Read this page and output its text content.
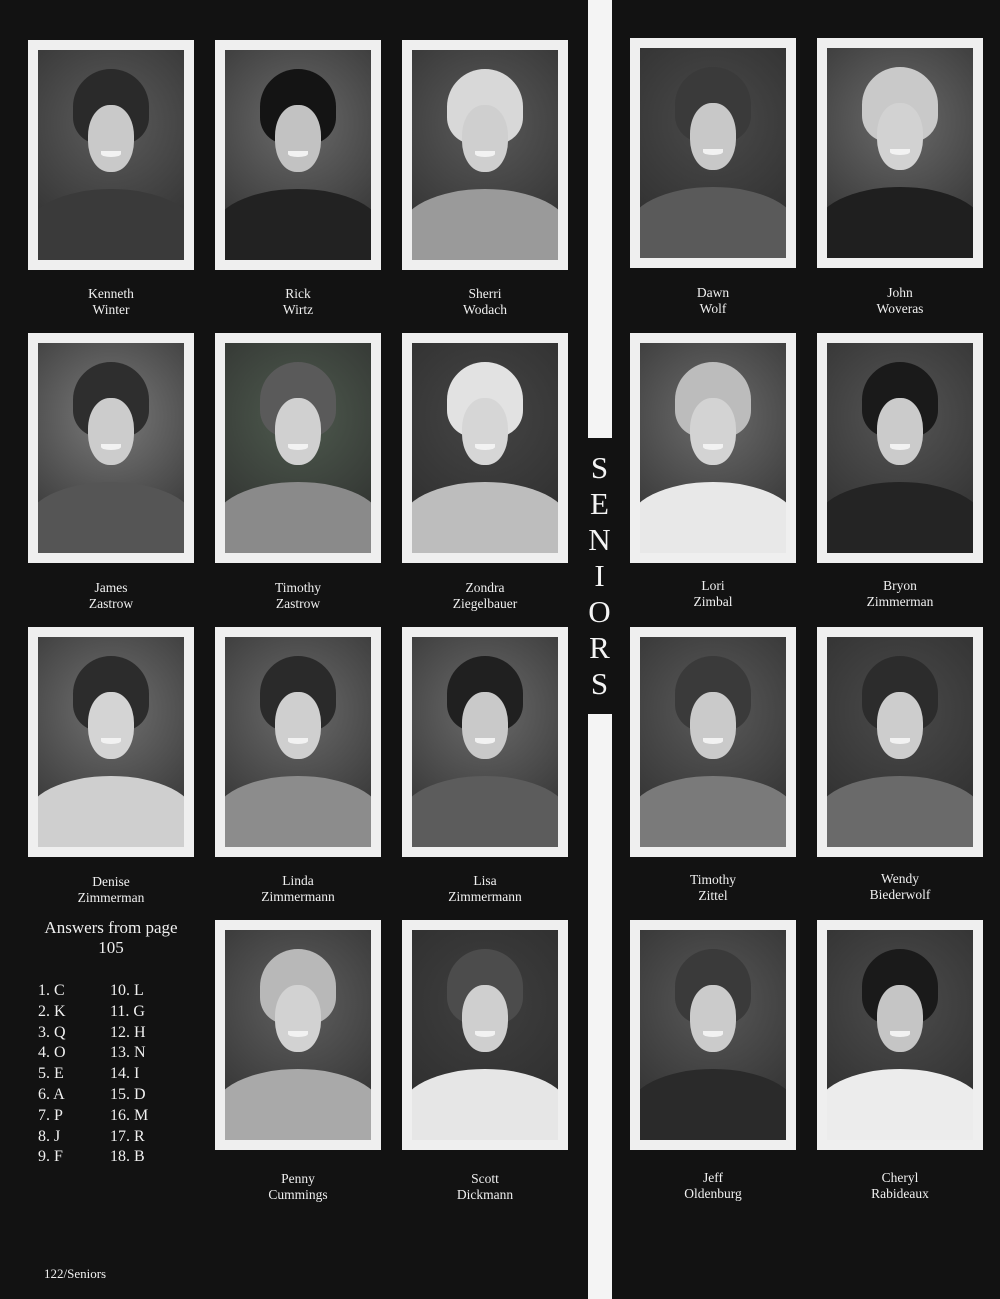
S
E
N
I
O
R
S
Kenneth
Winter
Rick
Wirtz
Sherri
Wodach
Dawn
Wolf
John
Woveras
James
Zastrow
Timothy
Zastrow
Zondra
Ziegelbauer
Lori
Zimbal
Bryon
Zimmerman
Denise
Zimmerman
Linda
Zimmermann
Lisa
Zimmermann
Timothy
Zittel
Wendy
Biederwolf
Penny
Cummings
Scott
Dickmann
Jeff
Oldenburg
Cheryl
Rabideaux
Answers from page
105
1. C
2. K
3. Q
4. O
5. E
6. A
7. P
8. J
9. F
10. L
11. G
12. H
13. N
14. I
15. D
16. M
17. R
18. B
122/Seniors
